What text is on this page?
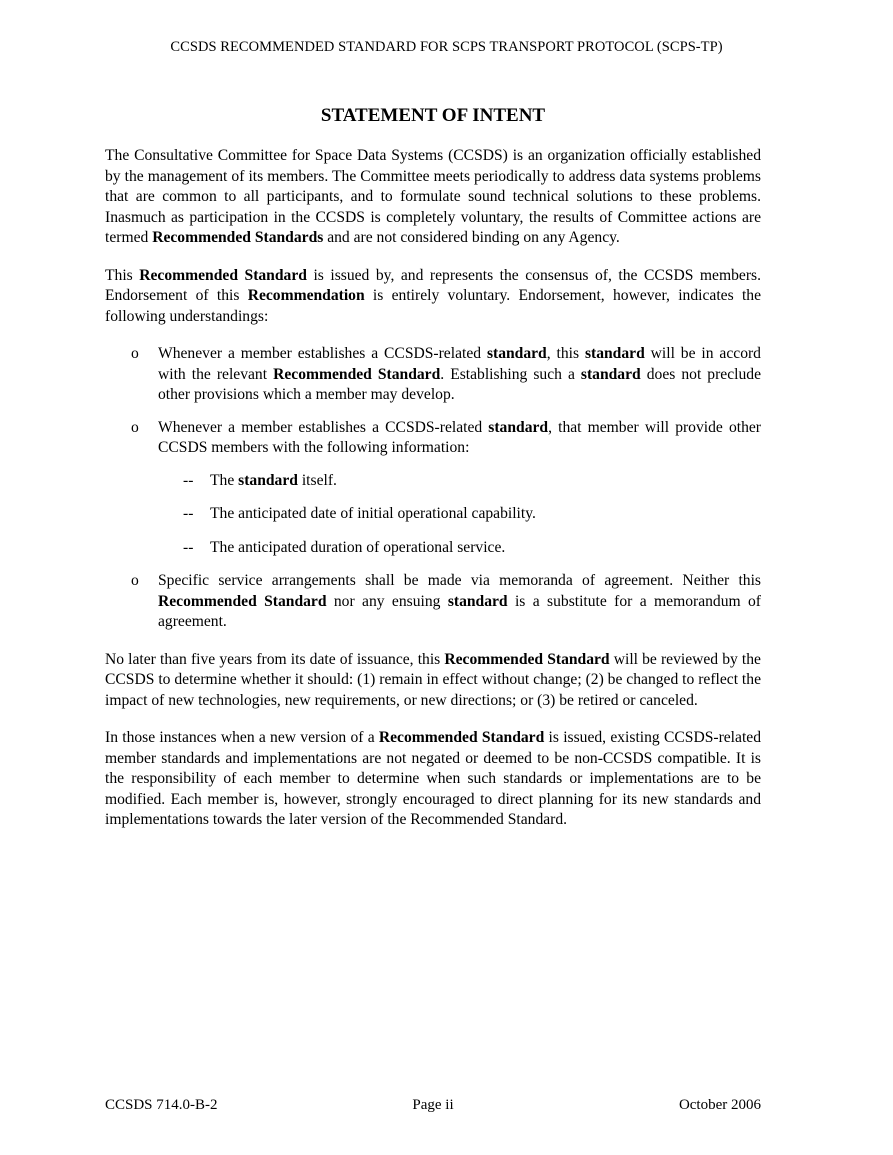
CCSDS RECOMMENDED STANDARD FOR SCPS TRANSPORT PROTOCOL (SCPS-TP)
STATEMENT OF INTENT

The Consultative Committee for Space Data Systems (CCSDS) is an organization officially established by the management of its members. The Committee meets periodically to address data systems problems that are common to all participants, and to formulate sound technical solutions to these problems. Inasmuch as participation in the CCSDS is completely voluntary, the results of Committee actions are termed Recommended Standards and are not considered binding on any Agency.

This Recommended Standard is issued by, and represents the consensus of, the CCSDS members. Endorsement of this Recommendation is entirely voluntary. Endorsement, however, indicates the following understandings:

o Whenever a member establishes a CCSDS-related standard, this standard will be in accord with the relevant Recommended Standard. Establishing such a standard does not preclude other provisions which a member may develop.
o Whenever a member establishes a CCSDS-related standard, that member will provide other CCSDS members with the following information:
-- The standard itself.
-- The anticipated date of initial operational capability.
-- The anticipated duration of operational service.
o Specific service arrangements shall be made via memoranda of agreement. Neither this Recommended Standard nor any ensuing standard is a substitute for a memorandum of agreement.

No later than five years from its date of issuance, this Recommended Standard will be reviewed by the CCSDS to determine whether it should: (1) remain in effect without change; (2) be changed to reflect the impact of new technologies, new requirements, or new directions; or (3) be retired or canceled.

In those instances when a new version of a Recommended Standard is issued, existing CCSDS-related member standards and implementations are not negated or deemed to be non-CCSDS compatible. It is the responsibility of each member to determine when such standards or implementations are to be modified. Each member is, however, strongly encouraged to direct planning for its new standards and implementations towards the later version of the Recommended Standard.

CCSDS 714.0-B-2	Page ii	October 2006
